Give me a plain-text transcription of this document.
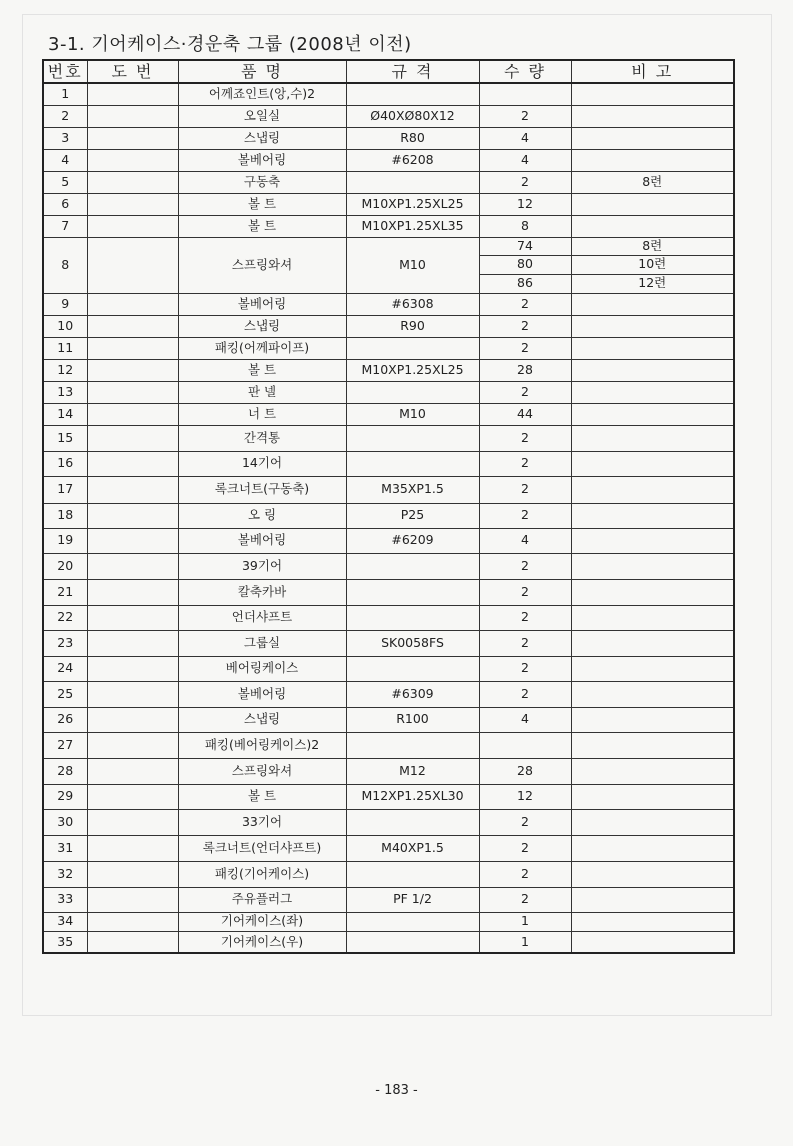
3-1. 기어케이스·경운축 그룹 (2008년 이전)
번호	도 번	품 명	규 격	수 량	비 고
1		어께죠인트(앙,수)2			
2		오일실	Ø40XØ80X12	2	
3		스냅링	R80	4	
4		볼베어링	#6208	4	
5		구동축		2	8련
6		볼 트	M10XP1.25XL25	12	
7		볼 트	M10XP1.25XL35	8	
8		스프링와셔	M10	74	8련
				80	10련
				86	12련
9		볼베어링	#6308	2	
10		스냅링	R90	2	
11		패킹(어께파이프)		2	
12		볼 트	M10XP1.25XL25	28	
13		판 넬		2	
14		너 트	M10	44	
15		간격통		2	
16		14기어		2	
17		록크너트(구동축)	M35XP1.5	2	
18		오 링	P25	2	
19		볼베어링	#6209	4	
20		39기어		2	
21		칼축카바		2	
22		언더샤프트		2	
23		그룹실	SK0058FS	2	
24		베어링케이스		2	
25		볼베어링	#6309	2	
26		스냅링	R100	4	
27		패킹(베어링케이스)2			
28		스프링와셔	M12	28	
29		볼 트	M12XP1.25XL30	12	
30		33기어		2	
31		록크너트(언더샤프트)	M40XP1.5	2	
32		패킹(기어케이스)		2	
33		주유플러그	PF 1/2	2	
34		기어케이스(좌)		1	
35		기어케이스(우)		1	
- 183 -
